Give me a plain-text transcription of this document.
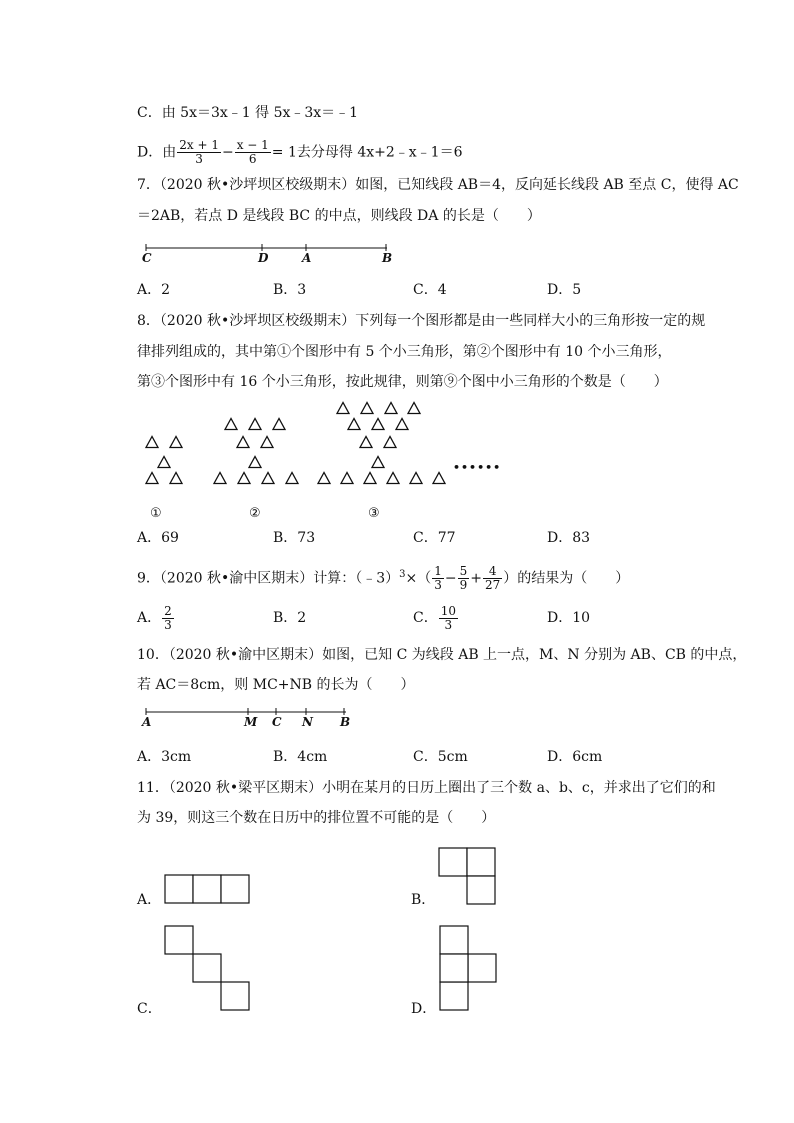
C．由 5x＝3x﹣1 得 5x﹣3x＝﹣1
D．由 $\frac{2x + 1}{3} - \frac{x - 1}{6} = 1$去分母得 4x+2﹣x﹣1＝6
7．（2020 秋•沙坪坝区校级期末）如图，已知线段 AB＝4，反向延长线段 AB 至点 C，使得 AC
＝2AB，若点 D 是线段 BC 的中点，则线段 DA 的长是（　　）
C	D	A	B
A．2	B．3	C．4	D．5
8．（2020 秋•沙坪坝区校级期末）下列每一个图形都是由一些同样大小的三角形按一定的规
律排列组成的，其中第①个图形中有 5 个小三角形，第②个图形中有 10 个小三角形，
第③个图形中有 16 个小三角形，按此规律，则第⑨个图中小三角形的个数是（　　）
①	②	③
••••••
A．69	B．73	C．77	D．83
9．（2020 秋•渝中区期末）计算：（﹣3）$^3$×（ $\frac{1}{3} - \frac{5}{9} + \frac{4}{27}$ ）的结果为（　　）
A． $\frac{2}{3}$	B．2	C． $\frac{10}{3}$	D．10
10．（2020 秋•渝中区期末）如图，已知 C 为线段 AB 上一点，M、N 分别为 AB、CB 的中点，
若 AC＝8cm，则 MC+NB 的长为（　　）
A	M C N B
A．3cm	B．4cm	C．5cm	D．6cm
11．（2020 秋•梁平区期末）小明在某月的日历上圈出了三个数 a、b、c，并求出了它们的和
为 39，则这三个数在日历中的排位置不可能的是（　　）
A．	B．
C．	D．
